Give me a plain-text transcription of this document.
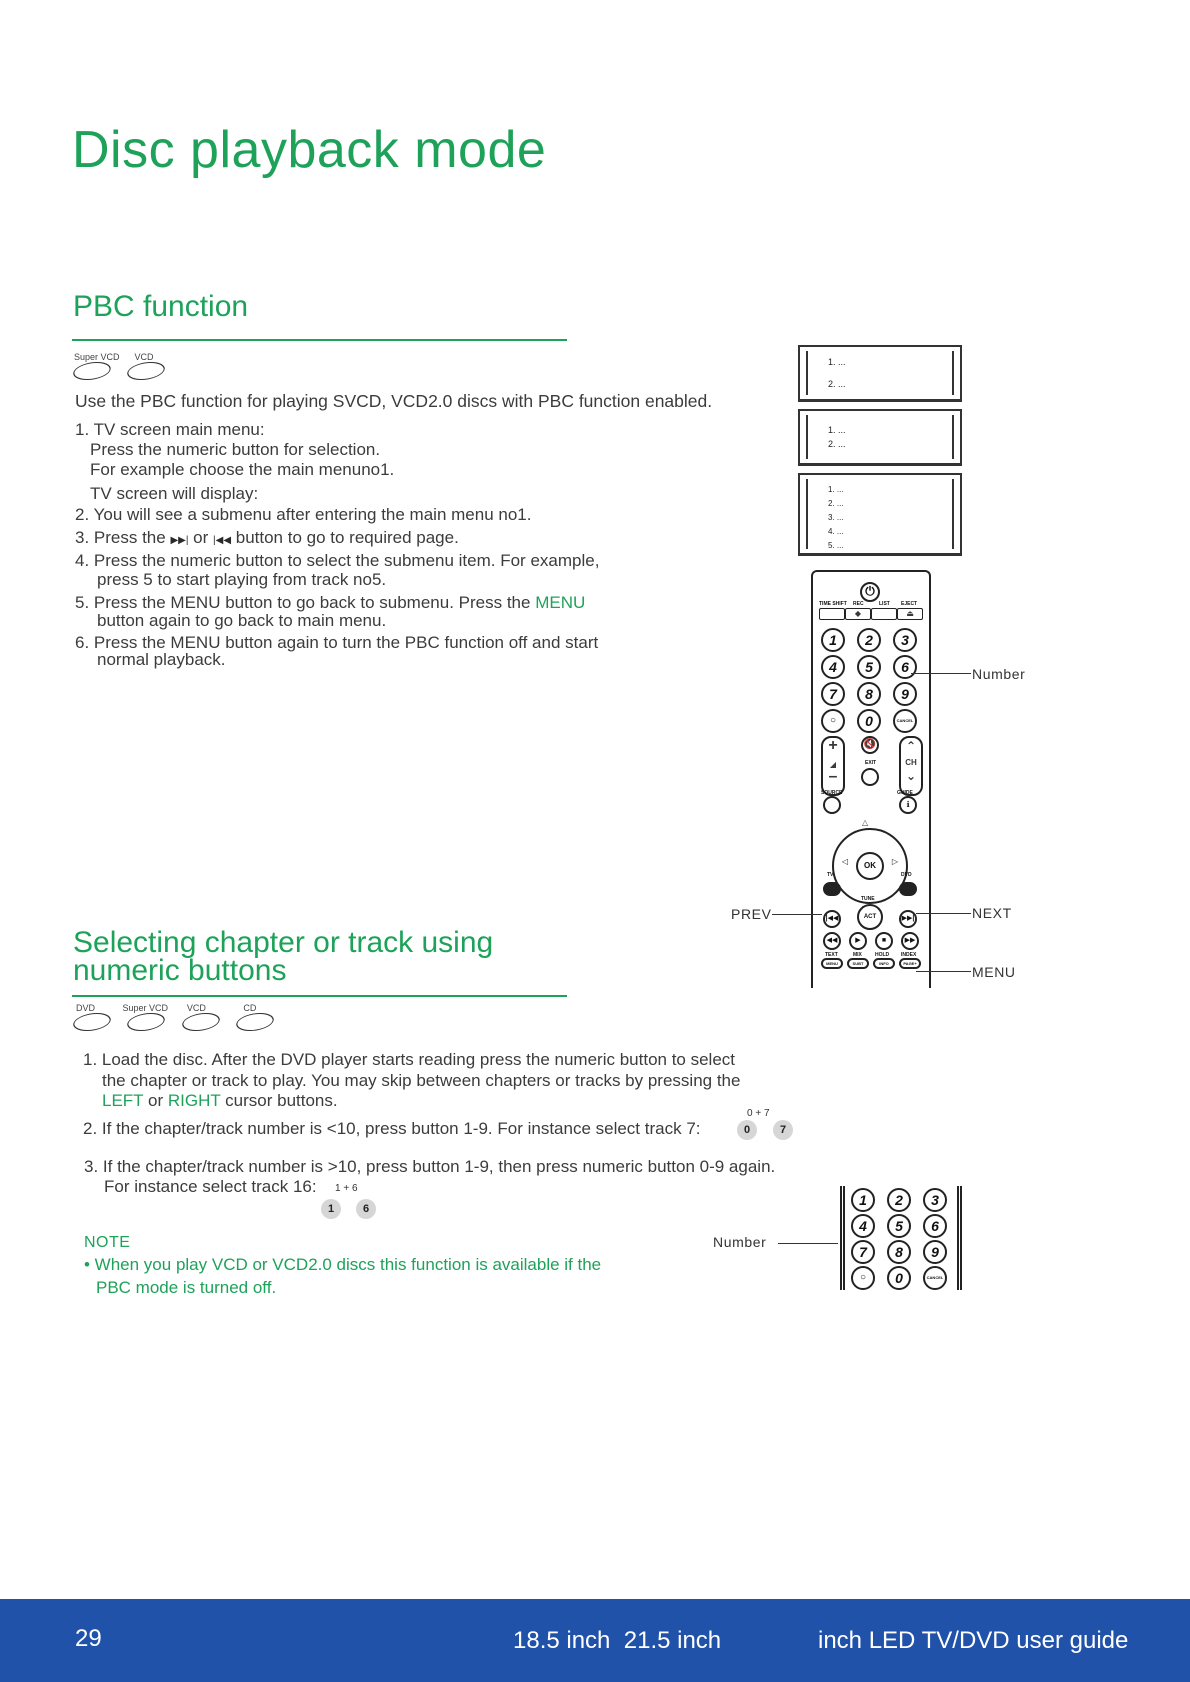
Disc playback mode
PBC function
Super VCD
VCD
Use the PBC function for playing SVCD, VCD2.0 discs with PBC function enabled.
1. TV screen main menu:
Press the numeric button for selection.
For example choose the main menuno1.
TV screen will display:
2. You will see a submenu after entering the main menu no1.
3. Press the ▶▶| or |◀◀ button to go to required page.
4. Press the numeric button to select the submenu item. For example,
press 5 to start playing from track no5.
5. Press the MENU button to go back to submenu. Press the MENU
button again to go back to main menu.
6. Press the MENU button again to turn the PBC function off and start
normal playback.
1. ...
2. ...
1. ...
2. ...
1. ...
2. ...
3. ...
4. ...
5. ...
⏻
TIME SHIFT REC	LIST EJECT
◆	⏏
1	2	3
4	5	6
7	8	9
○	0	CANCEL
+
◢
–
🔇
EXIT
⌃
CH
⌄
SOURCE	GUIDE
ℹ
△
◁	▷
OK
TV	DVD
TUNE
ACT
|◀◀	▶▶|
◀◀	▶	■	▶▶
TEXT	MIX	HOLD INDEX
MENU	SUBT	INFO	PAGE+
Number
PREV	NEXT
MENU
Selecting chapter or track using
numeric buttons
DVD
	Super VCD
VCD
	CD
1. Load the disc. After the DVD player starts reading press the numeric button to select
the chapter or track to play. You may skip between chapters or tracks by pressing the
LEFT or RIGHT cursor buttons.
0 + 7
2. If the chapter/track number is <10, press button 1-9. For instance select track 7:	0	7
3. If the chapter/track number is >10, press button 1-9, then press numeric button 0-9 again.
For instance select track 16: 1 + 6
1	6
NOTE
• When you play VCD or VCD2.0 discs this function is available if the
PBC mode is turned off.
Number
1	2	3
4	5	6
7	8	9
○	0	CANCEL
29	18.5 inch  21.5 inch	inch LED TV/DVD user guide
